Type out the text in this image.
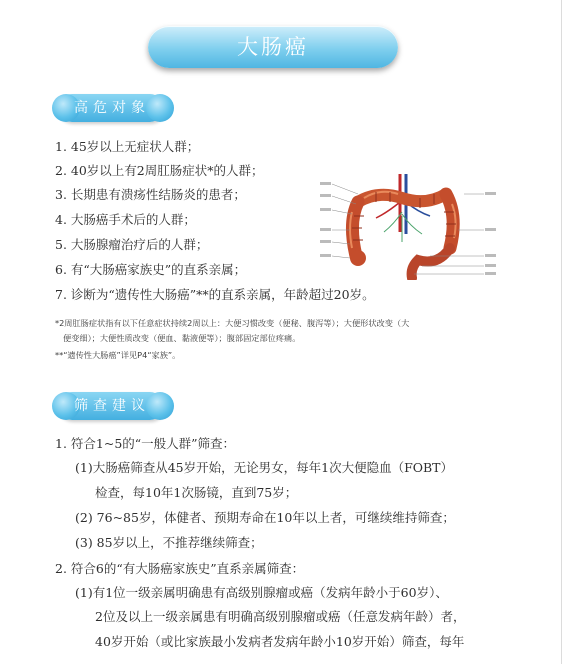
大肠癌
高危对象
1. 45岁以上无症状人群；
2. 40岁以上有2周肛肠症状*的人群；
3. 长期患有溃疡性结肠炎的患者；
4. 大肠癌手术后的人群；
5. 大肠腺瘤治疗后的人群；
6. 有“大肠癌家族史”的直系亲属；
7. 诊断为“遗传性大肠癌”**的直系亲属，年龄超过20岁。
*2周肛肠症状指有以下任意症状持续2周以上：大便习惯改变（便秘、腹泻等）；大便形状改变（大
便变细）；大便性质改变（便血、黏液便等）；腹部固定部位疼痛。
**“遗传性大肠癌”详见P4“家族”。
筛查建议
1. 符合1~5的“一般人群”筛查：
(1)大肠癌筛查从45岁开始，无论男女，每年1次大便隐血（FOBT）
检查，每10年1次肠镜，直到75岁；
(2) 76~85岁，体健者、预期寿命在10年以上者，可继续维持筛查；
(3) 85岁以上，不推荐继续筛查；
2. 符合6的“有大肠癌家族史”直系亲属筛查：
(1)有1位一级亲属明确患有高级别腺瘤或癌（发病年龄小于60岁）、
2位及以上一级亲属患有明确高级别腺瘤或癌（任意发病年龄）者，
40岁开始（或比家族最小发病者发病年龄小10岁开始）筛查，每年
